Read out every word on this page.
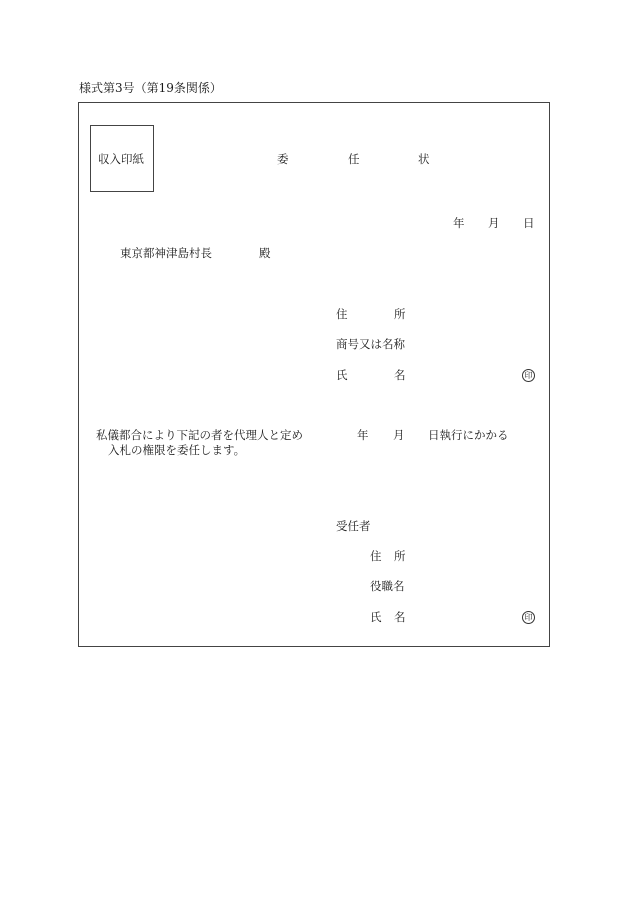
様式第3号（第19条関係）
収入印紙	委	任	状
年 月 日
東京都神津島村長	殿
住	所
商号又は名称
氏	名	印
私儀都合により下記の者を代理人と定め	年 月 日執行にかかる
入札の権限を委任します。
受任者
住 所
役職名
氏 名	印
